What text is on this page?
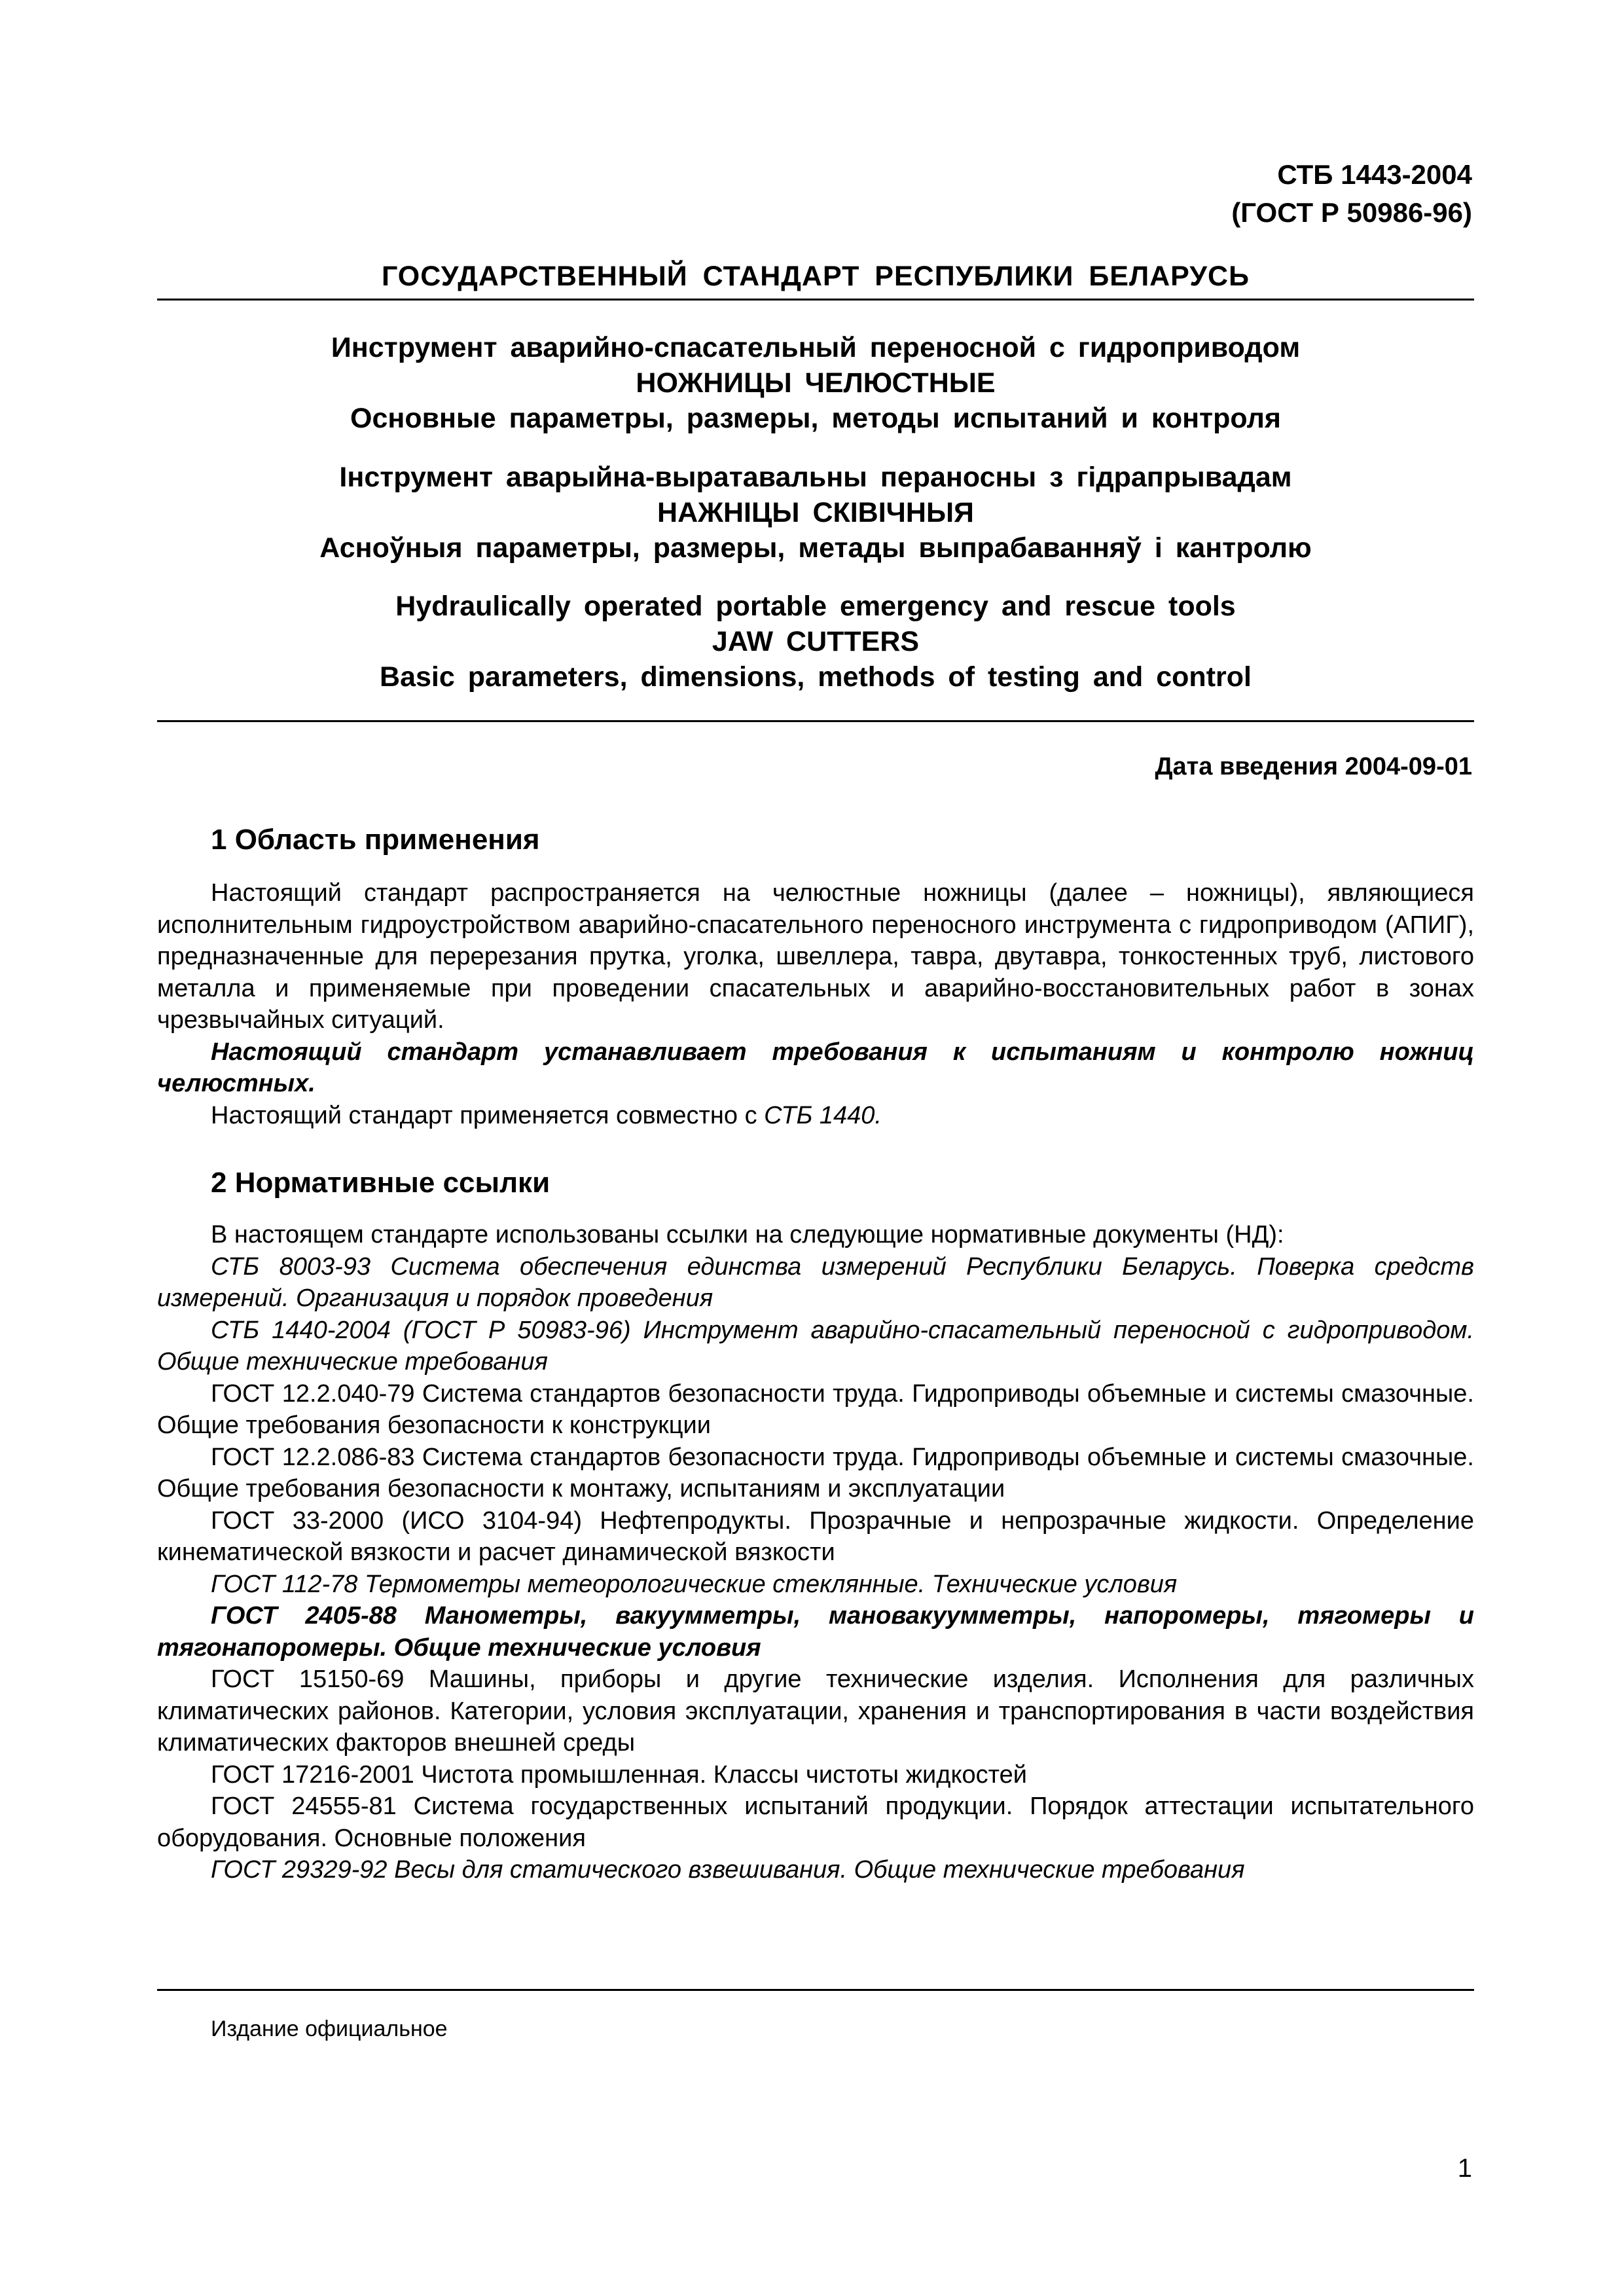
СТБ 1443-2004
(ГОСТ Р 50986-96)
ГОСУДАРСТВЕННЫЙ СТАНДАРТ РЕСПУБЛИКИ БЕЛАРУСЬ
Инструмент аварийно-спасательный переносной с гидроприводом
НОЖНИЦЫ ЧЕЛЮСТНЫЕ
Основные параметры, размеры, методы испытаний и контроля
Інструмент аварыйна-выратавальны пераносны з гідрапрывадам
НАЖНІЦЫ СКІВІЧНЫЯ
Асноўныя параметры, размеры, метады выпрабаванняў і кантролю
Hydraulically operated portable emergency and rescue tools
JAW CUTTERS
Basic parameters, dimensions, methods of testing and control
Дата введения 2004-09-01
1 Область применения

Настоящий стандарт распространяется на челюстные ножницы (далее – ножницы), являющиеся исполнительным гидроустройством аварийно-спасательного переносного инструмента с гидроприводом (АПИГ), предназначенные для перерезания прутка, уголка, швеллера, тавра, двутавра, тонкостенных труб, листового металла и применяемые при проведении спасательных и аварийно-восстановительных работ в зонах чрезвычайных ситуаций.

Настоящий стандарт устанавливает требования к испытаниям и контролю ножниц челюстных.

Настоящий стандарт применяется совместно с СТБ 1440.

2 Нормативные ссылки

В настоящем стандарте использованы ссылки на следующие нормативные документы (НД):

СТБ 8003-93 Система обеспечения единства измерений Республики Беларусь. Поверка средств измерений. Организация и порядок проведения

СТБ 1440-2004 (ГОСТ Р 50983-96) Инструмент аварийно-спасательный переносной с гидроприводом. Общие технические требования

ГОСТ 12.2.040-79 Система стандартов безопасности труда. Гидроприводы объемные и системы смазочные. Общие требования безопасности к конструкции

ГОСТ 12.2.086-83 Система стандартов безопасности труда. Гидроприводы объемные и системы смазочные. Общие требования безопасности к монтажу, испытаниям и эксплуатации

ГОСТ 33-2000 (ИСО 3104-94) Нефтепродукты. Прозрачные и непрозрачные жидкости. Определение кинематической вязкости и расчет динамической вязкости

ГОСТ 112-78 Термометры метеорологические стеклянные. Технические условия

ГОСТ 2405-88 Манометры, вакуумметры, мановакуумметры, напоромеры, тягомеры и тягонапоромеры. Общие технические условия

ГОСТ 15150-69 Машины, приборы и другие технические изделия. Исполнения для различных климатических районов. Категории, условия эксплуатации, хранения и транспортирования в части воздействия климатических факторов внешней среды

ГОСТ 17216-2001 Чистота промышленная. Классы чистоты жидкостей

ГОСТ 24555-81 Система государственных испытаний продукции. Порядок аттестации испытательного оборудования. Основные положения

ГОСТ 29329-92 Весы для статического взвешивания. Общие технические требования

Издание официальное
1
